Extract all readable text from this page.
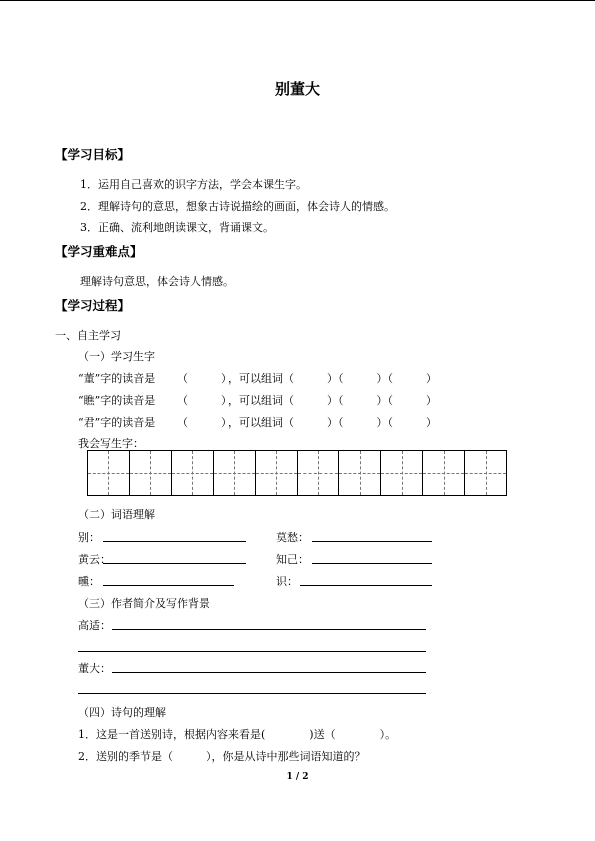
别董大
【学习目标】
1．运用自己喜欢的识字方法，学会本课生字。
2．理解诗句的意思，想象古诗说描绘的画面，体会诗人的情感。
3．正确、流利地朗读课文，背诵课文。
【学习重难点】
理解诗句意思，体会诗人情感。
【学习过程】
一、自主学习
（一）学习生字
“董”字的读音是 （　　　）
，可以组词（　　　）（　　　）（　　　）
“瞧”字的读音是 （　　　）
，可以组词（　　　）（　　　）（　　　）
“君”字的读音是 （　　　）
，可以组词（　　　）（　　　）（　　　）
我会写生字：
（二）词语理解
别：	莫愁：
黄云：	知己：
曛：	识：
（三）作者简介及写作背景
高适：
董大：
（四）诗句的理解
1．这是一首送别诗，根据内容来看是(　　　　)送（　　　　）。
2．送别的季节是（　　　），你是从诗中那些词语知道的？
1 / 2
